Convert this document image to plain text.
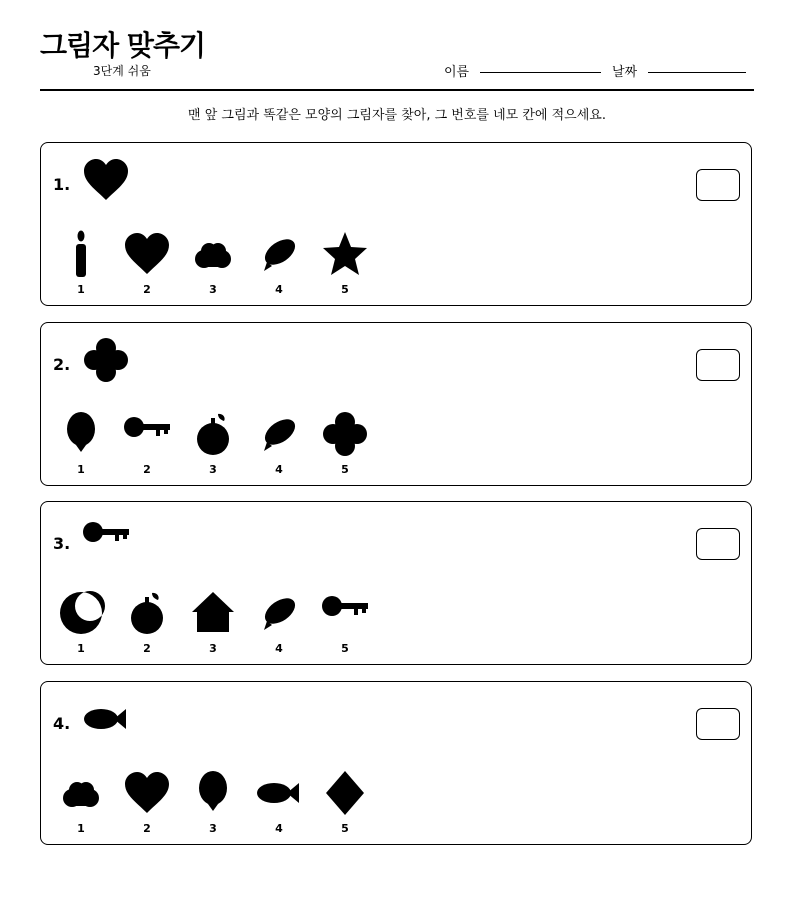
그림자 맞추기
3단계 쉬움	이름	날짜
맨 앞 그림과 똑같은 모양의 그림자를 찾아, 그 번호를 네모 칸에 적으세요.
1.
1	2	3	4	5
2.
1	2	3	4	5
3.
1	2	3	4	5
4.
1	2	3	4	5
